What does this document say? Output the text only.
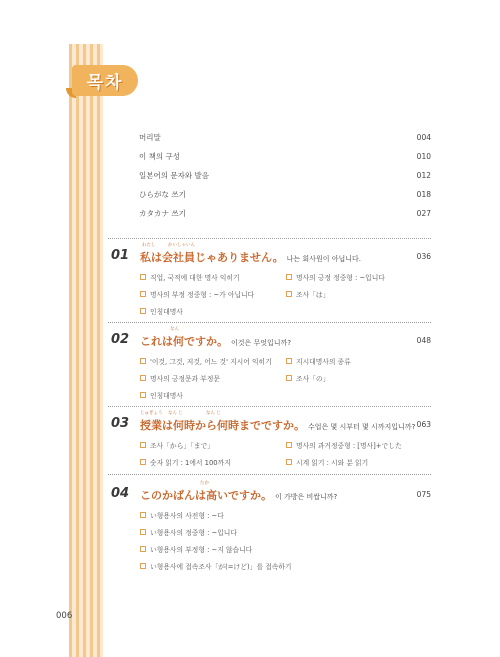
목차
머리말	004
이 책의 구성	010
일본어의 문자와 발음	012
ひらがな 쓰기	018
カタカナ 쓰기	027
01
わたし	かいしゃいん
私は会社員じゃありません。 나는 회사원이 아닙니다.	036
직업, 국적에 대한 명사 익히기	명사의 긍정 정중형 : ~입니다
명사의 부정 정중형 : ~가 아닙니다	조사「は」
인칭대명사
02
なん
これは何ですか。 이것은 무엇입니까?	048
'이것, 그것, 저것, 어느 것' 지시어 익히기	지시대명사의 종류
명사의 긍정문과 부정문	조사「の」
인칭대명사
03
じゅぎょう なん じ	なん じ
授業は何時から何時までですか。 수업은 몇 시부터 몇 시까지입니까? 063
조사「から」「まで」	명사의 과거정중형 : [명사]+でした
숫자 읽기 : 1에서 100까지	시계 읽기 : 시와 분 읽기
04
たか
このかばんは高いですか。 이 가방은 비쌉니까?	075
い형용사의 사전형 : ~다
い형용사의 정중형 : ~입니다
い형용사의 부정형 : ~지 않습니다
い형용사에 접속조사「が(=けど)」를 접속하기
006
